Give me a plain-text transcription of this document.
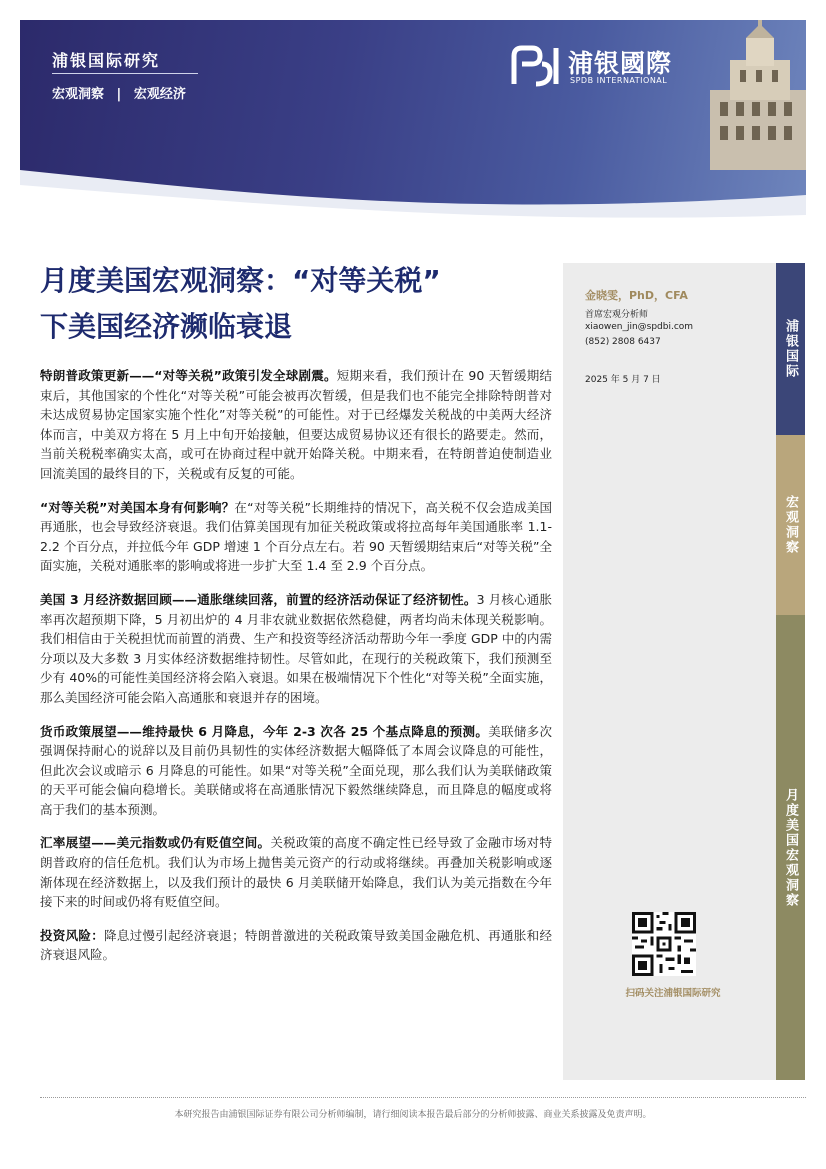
浦银国际研究
宏观洞察 | 宏观经济
浦银國際
SPDB INTERNATIONAL
月度美国宏观洞察：“对等关税”
下美国经济濒临衰退

特朗普政策更新——“对等关税”政策引发全球剧震。短期来看，我们预计在 90 天暂缓期结束后，其他国家的个性化“对等关税”可能会被再次暂缓，但是我们也不能完全排除特朗普对未达成贸易协定国家实施个性化”对等关税”的可能性。对于已经爆发关税战的中美两大经济体而言，中美双方将在 5 月上中旬开始接触，但要达成贸易协议还有很长的路要走。然而，当前关税税率确实太高，或可在协商过程中就开始降关税。中期来看，在特朗普迫使制造业回流美国的最终目的下，关税或有反复的可能。

“对等关税”对美国本身有何影响？在“对等关税”长期维持的情况下，高关税不仅会造成美国再通胀，也会导致经济衰退。我们估算美国现有加征关税政策或将拉高每年美国通胀率 1.1-2.2 个百分点，并拉低今年 GDP 增速 1 个百分点左右。若 90 天暂缓期结束后“对等关税”全面实施，关税对通胀率的影响或将进一步扩大至 1.4 至 2.9 个百分点。

美国 3 月经济数据回顾——通胀继续回落，前置的经济活动保证了经济韧性。3 月核心通胀率再次超预期下降，5 月初出炉的 4 月非农就业数据依然稳健，两者均尚未体现关税影响。我们相信由于关税担忧而前置的消费、生产和投资等经济活动帮助今年一季度 GDP 中的内需分项以及大多数 3 月实体经济数据维持韧性。尽管如此，在现行的关税政策下，我们预测至少有 40%的可能性美国经济将会陷入衰退。如果在极端情况下个性化“对等关税”全面实施，那么美国经济可能会陷入高通胀和衰退并存的困境。

货币政策展望——维持最快 6 月降息，今年 2-3 次各 25 个基点降息的预测。美联储多次强调保持耐心的说辞以及目前仍具韧性的实体经济数据大幅降低了本周会议降息的可能性，但此次会议或暗示 6 月降息的可能性。如果“对等关税”全面兑现，那么我们认为美联储政策的天平可能会偏向稳增长。美联储或将在高通胀情况下毅然继续降息，而且降息的幅度或将高于我们的基本预测。

汇率展望——美元指数或仍有贬值空间。关税政策的高度不确定性已经导致了金融市场对特朗普政府的信任危机。我们认为市场上抛售美元资产的行动或将继续。再叠加关税影响或逐渐体现在经济数据上，以及我们预计的最快 6 月美联储开始降息，我们认为美元指数在今年接下来的时间或仍将有贬值空间。

投资风险：降息过慢引起经济衰退；特朗普激进的关税政策导致美国金融危机、再通胀和经济衰退风险。

金晓雯，PhD，CFA
首席宏观分析师
xiaowen_jin@spdbi.com
(852) 2808 6437
2025 年 5 月 7 日
扫码关注浦银国际研究
浦银国际
宏观洞察
月度美国宏观洞察
本研究报告由浦银国际证券有限公司分析师编制，请行细阅读本报告最后部分的分析师披露、商业关系披露及免责声明。
